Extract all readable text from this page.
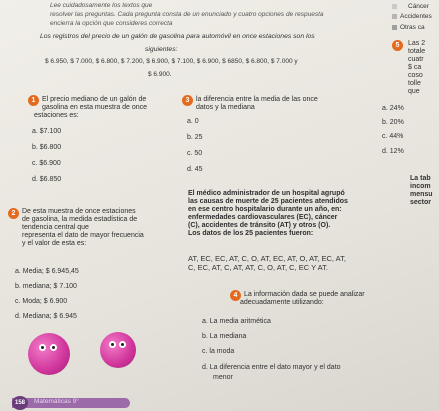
Lee cuidadosamente los textos que
resolver las preguntas. Cada pregunta consta de un enunciado y cuatro opciones de respuesta
encierra la opción que consideres correcta
Cáncer
Accidentes
Otras ca
Los registros del precio de un galón de gasolina para automóvil en once estaciones son los
siguientes:
$ 6.950, $ 7.000, $ 6.800, $ 7.200, $ 6.900, $ 7.100, $ 6.900, $ 6850, $ 6.800, $ 7.000 y
$ 6.900.
5	Las 2
totale
cuatr
$ ca
coso
tolle
que
1 El precio mediano de un galón de
gasolina en esta muestra de once
estaciones es:
a. $7.100
b. $6.800
c. $6.900
d. $6.850
3 la diferencia entre la media de las once
datos y la mediana
a. 0
b. 25
c. 50
d. 45
a. 24%
b. 20%
c. 44%
d. 12%
La tab
incom
mensu
sector
El médico administrador de un hospital agrupó
las causas de muerte de 25 pacientes atendidos
en ese centro hospitalario durante un año, en:
enfermedades cardiovasculares (EC), cáncer
(C), accidentes de tránsito (AT) y otros (O).
Los datos de los 25 pacientes fueron:
AT, EC, EC, AT, C, O, AT, EC, AT, O, AT, EC, AT,
C, EC, AT, C, AT, AT, C, O, AT, C, EC Y AT.
2 De esta muestra de once estaciones
de gasolina, la medida estadística de
tendencia central que
representa el dato de mayor frecuencia
y el valor de esta es:
a. Media; $ 6.945,45
b. mediana; $ 7.100
c. Moda; $ 6.900
d. Mediana; $ 6.945
4 La información dada se puede analizar
adecuadamente utilizando:
a. La media aritmética
b. La mediana
c. la moda
d. La diferencia entre el dato mayor y el dato
menor
158	Matemáticas 9°
